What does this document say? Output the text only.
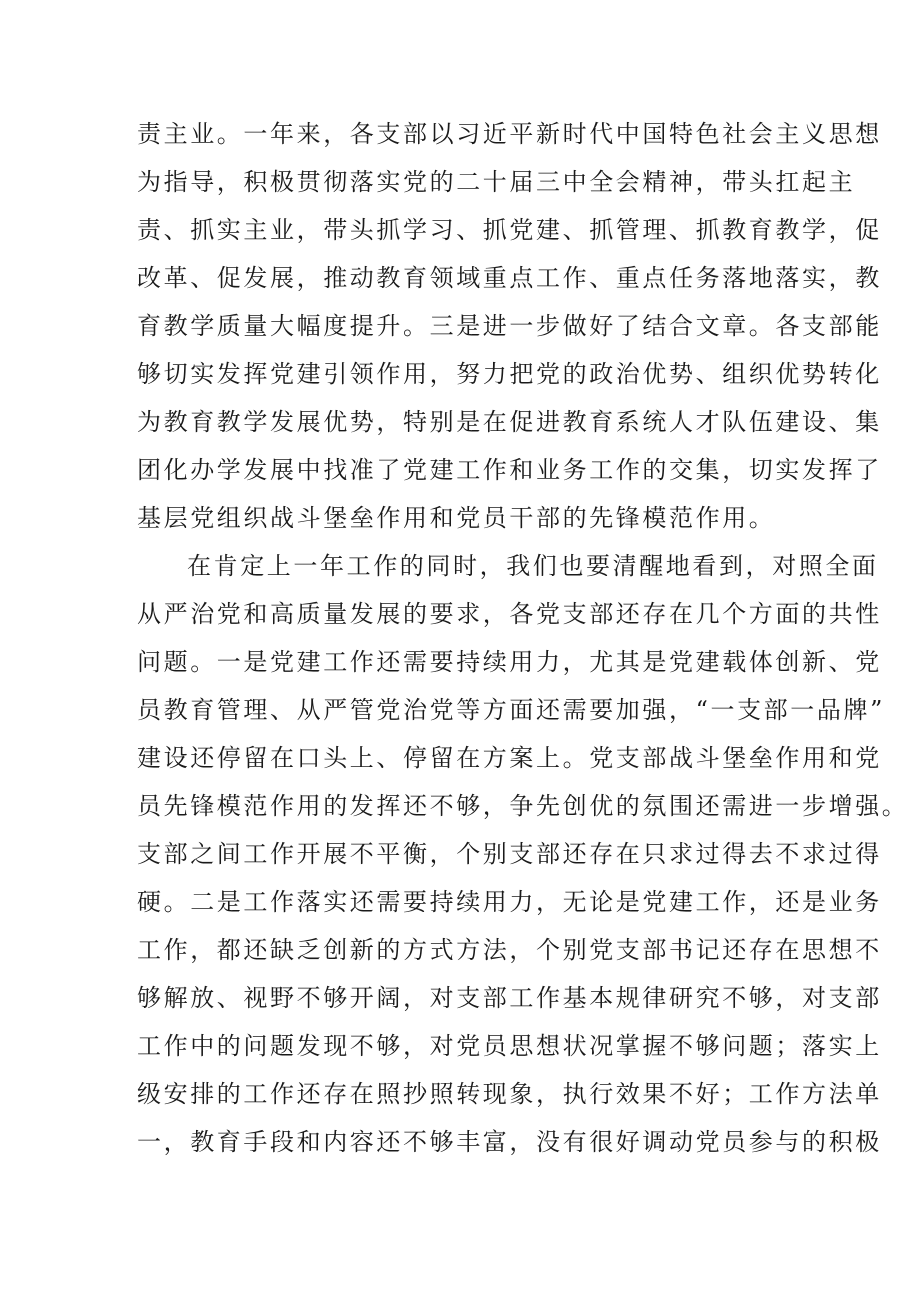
责主业。一年来，各支部以习近平新时代中国特色社会主义思想
为指导，积极贯彻落实党的二十届三中全会精神，带头扛起主
责、抓实主业，带头抓学习、抓党建、抓管理、抓教育教学，促
改革、促发展，推动教育领域重点工作、重点任务落地落实，教
育教学质量大幅度提升。三是进一步做好了结合文章。各支部能
够切实发挥党建引领作用，努力把党的政治优势、组织优势转化
为教育教学发展优势，特别是在促进教育系统人才队伍建设、集
团化办学发展中找准了党建工作和业务工作的交集，切实发挥了
基层党组织战斗堡垒作用和党员干部的先锋模范作用。
在肯定上一年工作的同时，我们也要清醒地看到，对照全面
从严治党和高质量发展的要求，各党支部还存在几个方面的共性
问题。一是党建工作还需要持续用力，尤其是党建载体创新、党
员教育管理、从严管党治党等方面还需要加强，“一支部一品牌”
建设还停留在口头上、停留在方案上。党支部战斗堡垒作用和党
员先锋模范作用的发挥还不够，争先创优的氛围还需进一步增强。
支部之间工作开展不平衡，个别支部还存在只求过得去不求过得
硬。二是工作落实还需要持续用力，无论是党建工作，还是业务
工作，都还缺乏创新的方式方法，个别党支部书记还存在思想不
够解放、视野不够开阔，对支部工作基本规律研究不够，对支部
工作中的问题发现不够，对党员思想状况掌握不够问题；落实上
级安排的工作还存在照抄照转现象，执行效果不好；工作方法单
一，教育手段和内容还不够丰富，没有很好调动党员参与的积极
